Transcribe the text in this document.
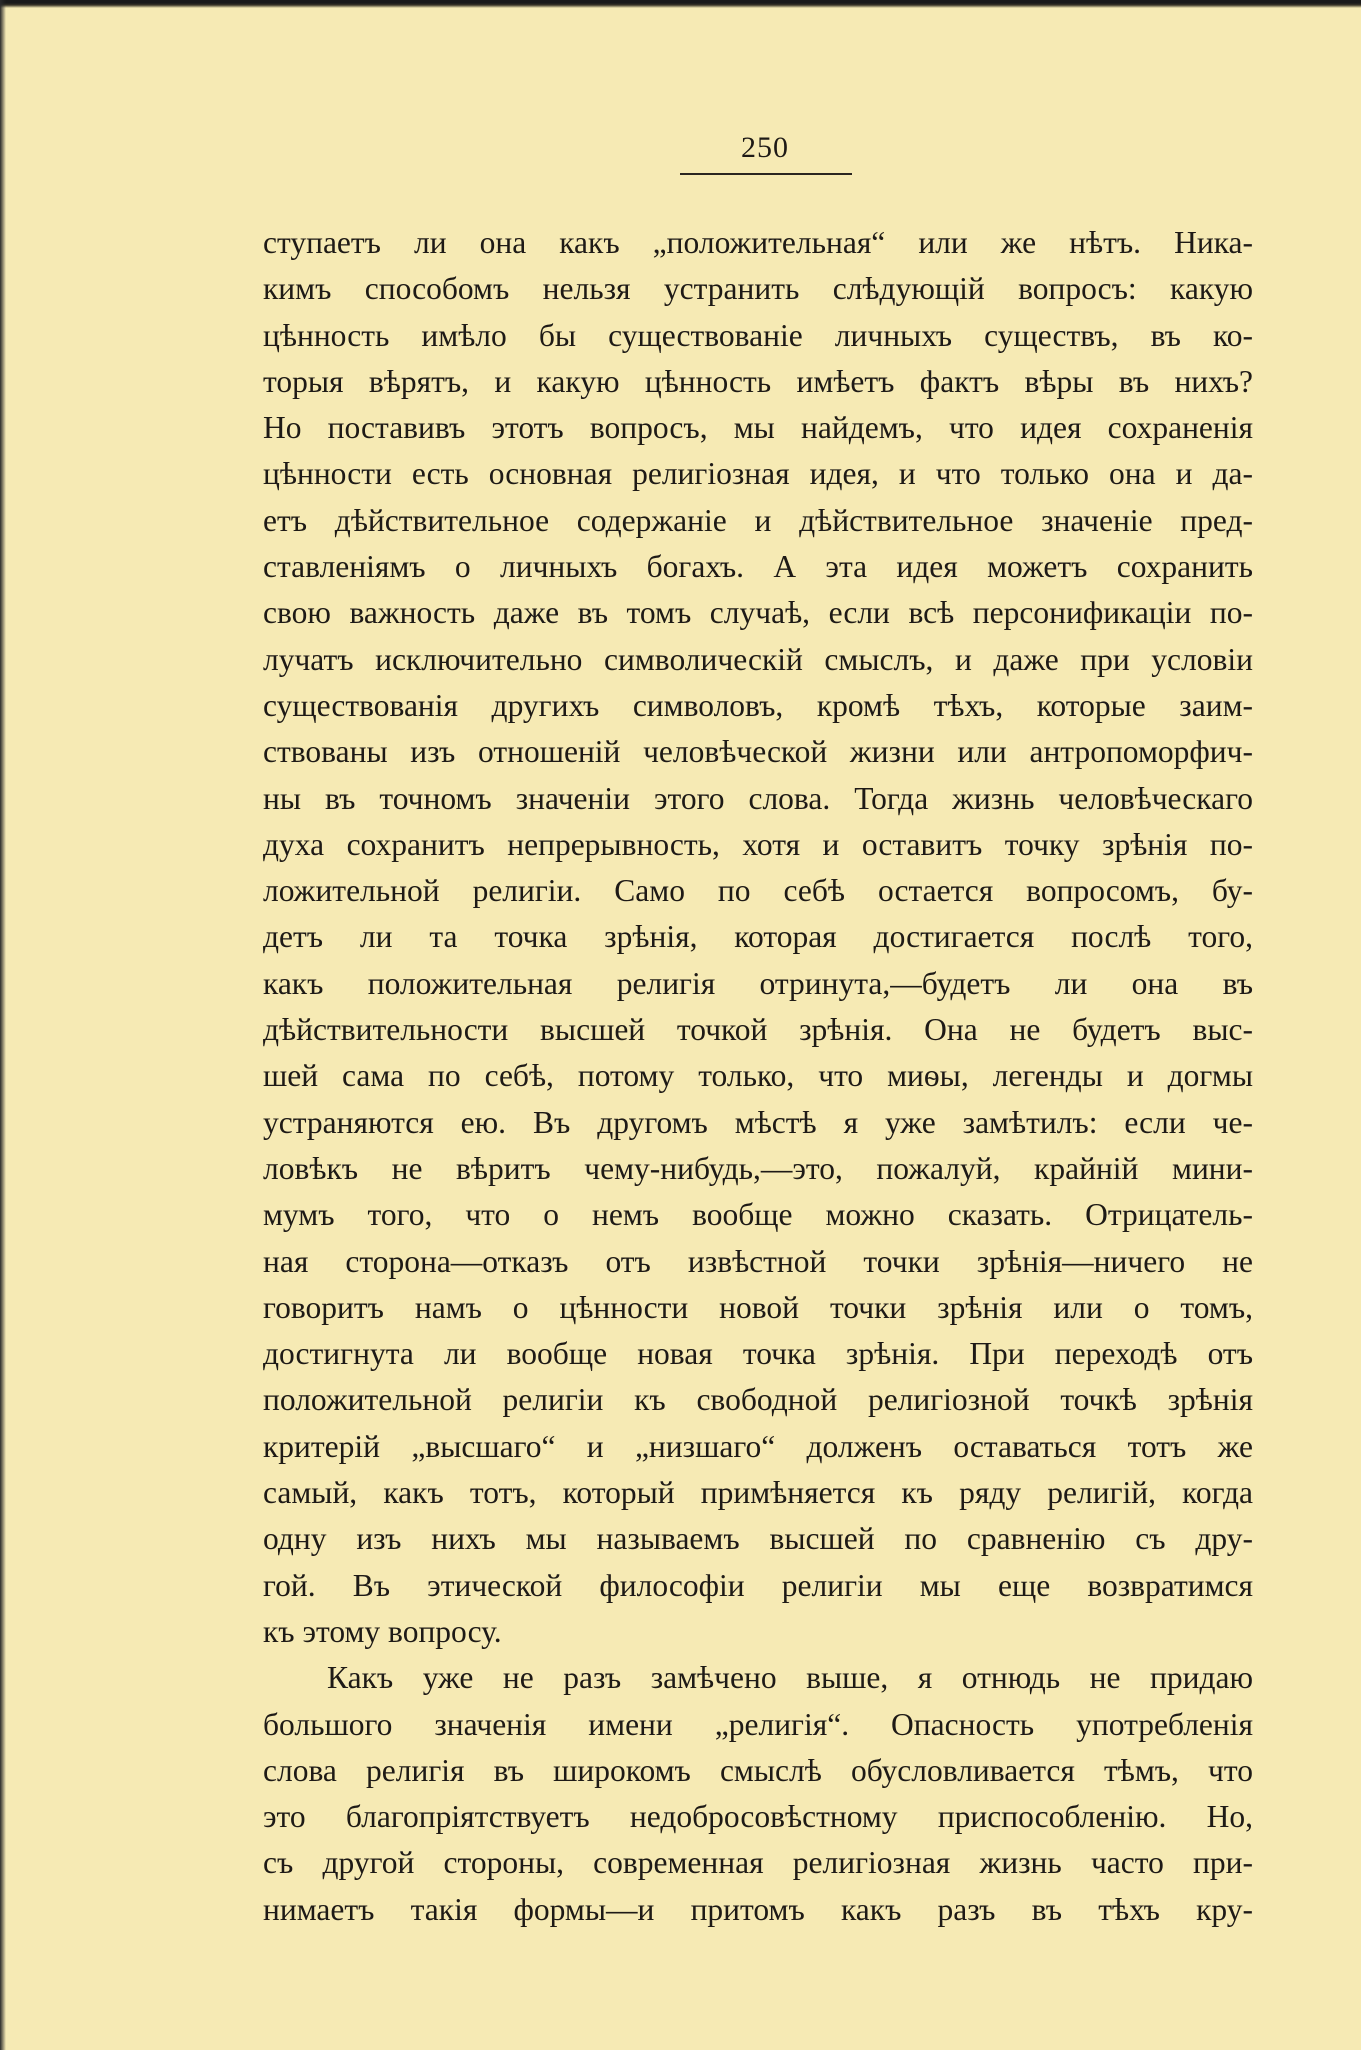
250
ступаетъ ли она какъ „положительная“ или же нѣтъ. Ника-
кимъ способомъ нельзя устранить слѣдующій вопросъ: какую
цѣнность имѣло бы существованіе личныхъ существъ, въ ко-
торыя вѣрятъ, и какую цѣнность имѣетъ фактъ вѣры въ нихъ?
Но поставивъ этотъ вопросъ, мы найдемъ, что идея сохраненія
цѣнности есть основная религіозная идея, и что только она и да-
етъ дѣйствительное содержаніе и дѣйствительное значеніе пред-
ставленіямъ о личныхъ богахъ. А эта идея можетъ сохранить
свою важность даже въ томъ случаѣ, если всѣ персонификаціи по-
лучатъ исключительно символическій смыслъ, и даже при условіи
существованія другихъ символовъ, кромѣ тѣхъ, которые заим-
ствованы изъ отношеній человѣческой жизни или антропоморфич-
ны въ точномъ значеніи этого слова. Тогда жизнь человѣческаго
духа сохранитъ непрерывность, хотя и оставитъ точку зрѣнія по-
ложительной религіи. Само по себѣ остается вопросомъ, бу-
детъ ли та точка зрѣнія, которая достигается послѣ того,
какъ положительная религія отринута,—будетъ ли она въ
дѣйствительности высшей точкой зрѣнія. Она не будетъ выс-
шей сама по себѣ, потому только, что миѳы, легенды и догмы
устраняются ею. Въ другомъ мѣстѣ я уже замѣтилъ: если че-
ловѣкъ не вѣритъ чему-нибудь,—это, пожалуй, крайній мини-
мумъ того, что о немъ вообще можно сказать. Отрицатель-
ная сторона—отказъ отъ извѣстной точки зрѣнія—ничего не
говоритъ намъ о цѣнности новой точки зрѣнія или о томъ,
достигнута ли вообще новая точка зрѣнія. При переходѣ отъ
положительной религіи къ свободной религіозной точкѣ зрѣнія
критерій „высшаго“ и „низшаго“ долженъ оставаться тотъ же
самый, какъ тотъ, который примѣняется къ ряду религій, когда
одну изъ нихъ мы называемъ высшей по сравненію съ дру-
гой. Въ этической философіи религіи мы еще возвратимся
къ этому вопросу.
Какъ уже не разъ замѣчено выше, я отнюдь не придаю
большого значенія имени „религія“. Опасность употребленія
слова религія въ широкомъ смыслѣ обусловливается тѣмъ, что
это благопріятствуетъ недобросовѣстному приспособленію. Но,
съ другой стороны, современная религіозная жизнь часто при-
нимаетъ такія формы—и притомъ какъ разъ въ тѣхъ кру-
